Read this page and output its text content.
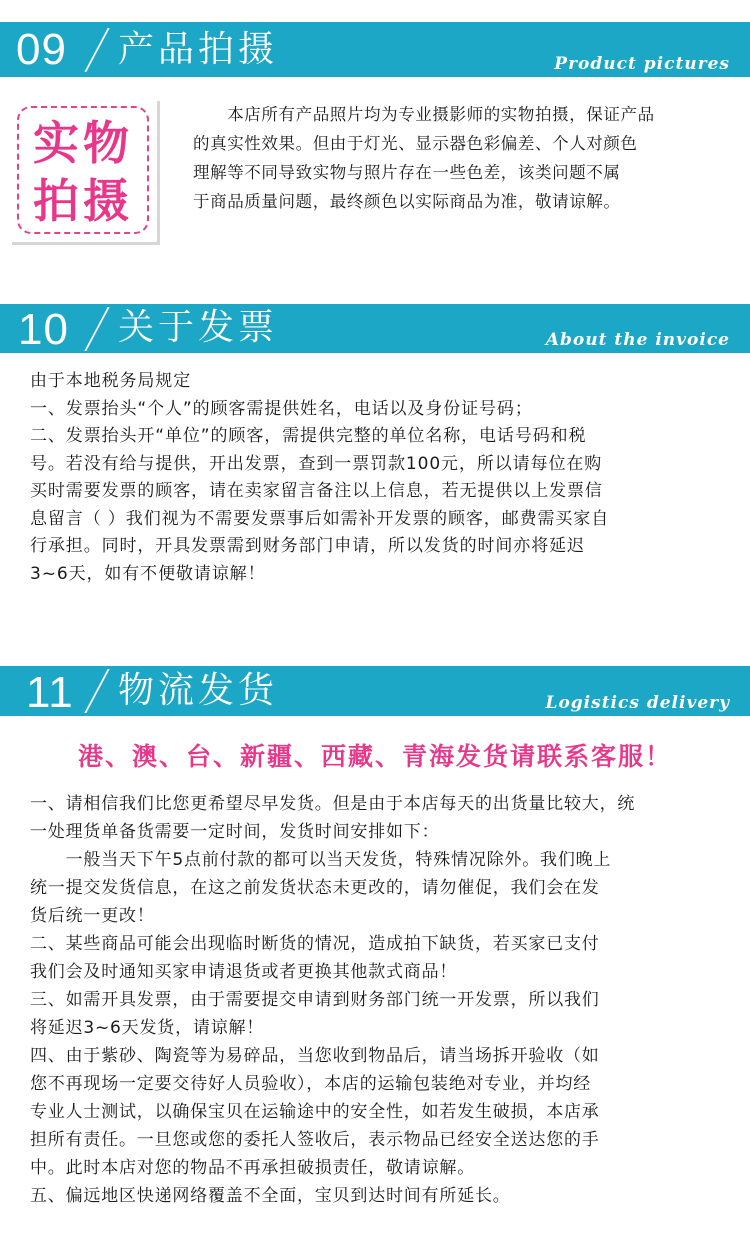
09 产品拍摄	Product pictures
实物
拍摄

　　本店所有产品照片均为专业摄影师的实物拍摄，保证产品

的真实性效果。但由于灯光、显示器色彩偏差、个人对颜色

理解等不同导致实物与照片存在一些色差，该类问题不属

于商品质量问题，最终颜色以实际商品为准，敬请谅解。

10 关于发票	About the invoice

由于本地税务局规定

一、发票抬头“个人”的顾客需提供姓名，电话以及身份证号码；

二、发票抬头开“单位”的顾客，需提供完整的单位名称，电话号码和税

号。若没有给与提供，开出发票，查到一票罚款100元，所以请每位在购

买时需要发票的顾客，请在卖家留言备注以上信息，若无提供以上发票信

息留言（ ）我们视为不需要发票事后如需补开发票的顾客，邮费需买家自

行承担。同时，开具发票需到财务部门申请，所以发货的时间亦将延迟

3~6天，如有不便敬请谅解！

11 物流发货	Logistics delivery
港、澳、台、新疆、西藏、青海发货请联系客服！

一、请相信我们比您更希望尽早发货。但是由于本店每天的出货量比较大，统

一处理货单备货需要一定时间，发货时间安排如下：

　　一般当天下午5点前付款的都可以当天发货，特殊情况除外。我们晚上

统一提交发货信息，在这之前发货状态未更改的，请勿催促，我们会在发

货后统一更改！

二、某些商品可能会出现临时断货的情况，造成拍下缺货，若买家已支付

我们会及时通知买家申请退货或者更换其他款式商品！

三、如需开具发票，由于需要提交申请到财务部门统一开发票，所以我们

将延迟3~6天发货，请谅解！

四、由于紫砂、陶瓷等为易碎品，当您收到物品后，请当场拆开验收（如

您不再现场一定要交待好人员验收），本店的运输包装绝对专业，并均经

专业人士测试，以确保宝贝在运输途中的安全性，如若发生破损，本店承

担所有责任。一旦您或您的委托人签收后，表示物品已经安全送达您的手

中。此时本店对您的物品不再承担破损责任，敬请谅解。

五、偏远地区快递网络覆盖不全面，宝贝到达时间有所延长。
